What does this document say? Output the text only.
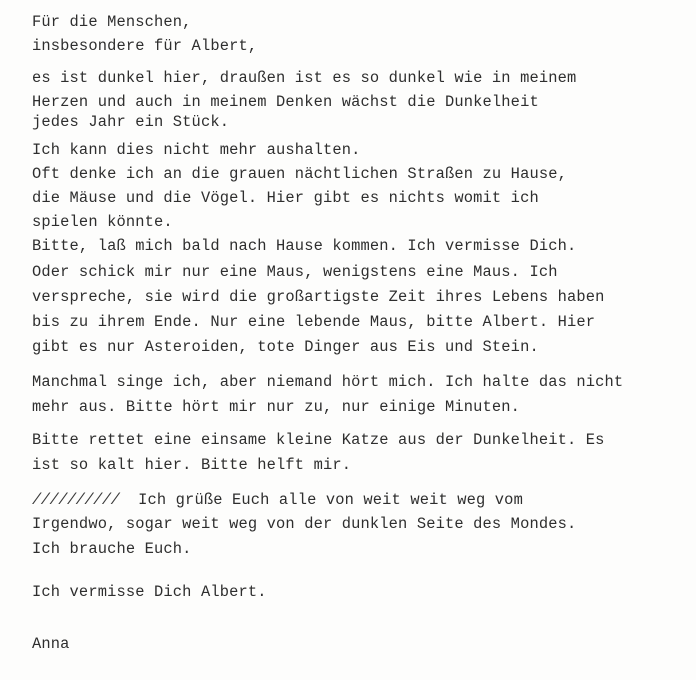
Für die Menschen,
insbesondere für Albert,
es ist dunkel hier, draußen ist es so dunkel wie in meinem
Herzen und auch in meinem Denken wächst die Dunkelheit
jedes Jahr ein Stück.
Ich kann dies nicht mehr aushalten.
Oft denke ich an die grauen nächtlichen Straßen zu Hause,
die Mäuse und die Vögel. Hier gibt es nichts womit ich
spielen könnte.
Bitte, laß mich bald nach Hause kommen. Ich vermisse Dich.
Oder schick mir nur eine Maus, wenigstens eine Maus. Ich
verspreche, sie wird die großartigste Zeit ihres Lebens haben
bis zu ihrem Ende. Nur eine lebende Maus, bitte Albert. Hier
gibt es nur Asteroiden, tote Dinger aus Eis und Stein.
Manchmal singe ich, aber niemand hört mich. Ich halte das nicht
mehr aus. Bitte hört mir nur zu, nur einige Minuten.
Bitte rettet eine einsame kleine Katze aus der Dunkelheit. Es
ist so kalt hier. Bitte helft mir.
//////////  Ich grüße Euch alle von weit weit weg vom
Irgendwo, sogar weit weg von der dunklen Seite des Mondes.
Ich brauche Euch.
Ich vermisse Dich Albert.
Anna
